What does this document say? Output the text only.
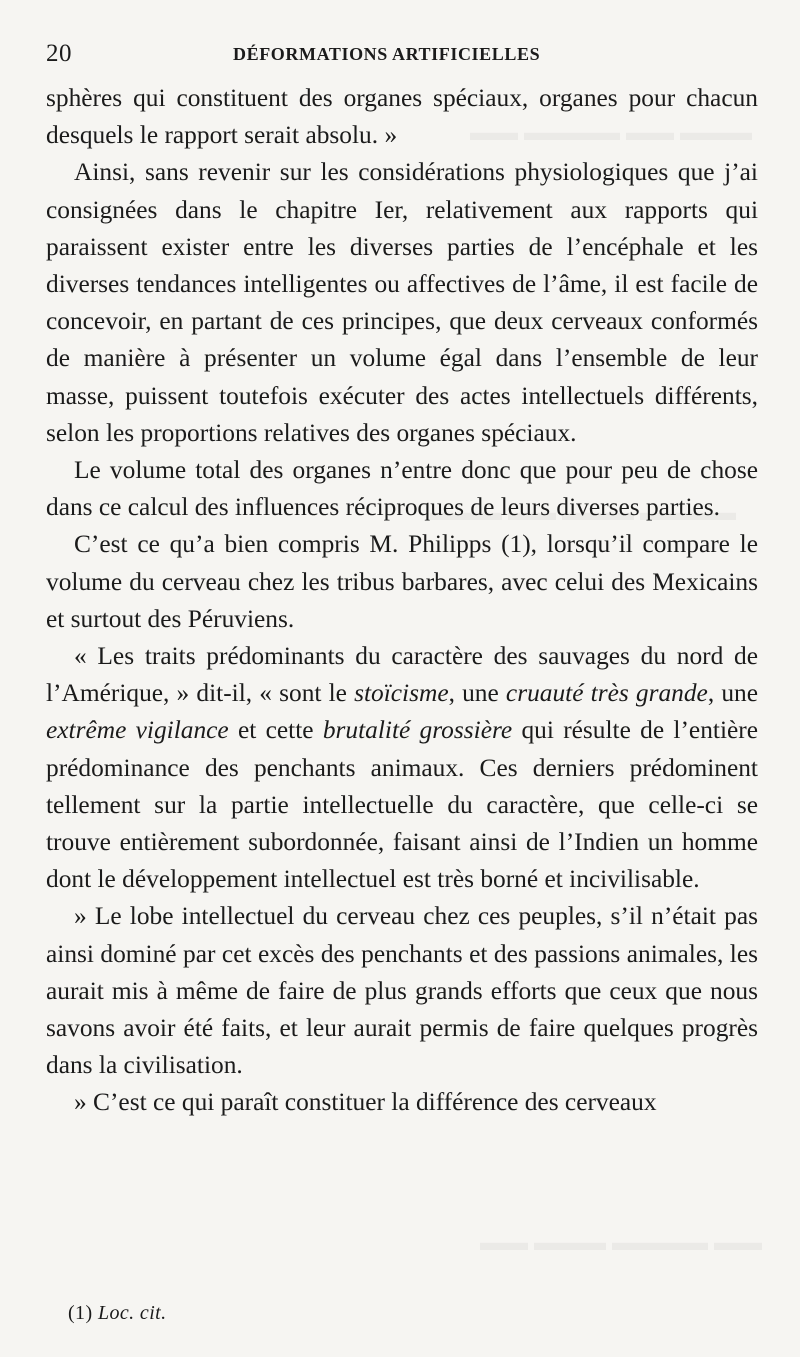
20	DÉFORMATIONS ARTIFICIELLES

sphères qui constituent des organes spéciaux, organes pour chacun desquels le rapport serait absolu. »

Ainsi, sans revenir sur les considérations physiologiques que j’ai consignées dans le chapitre Ier, relativement aux rapports qui paraissent exister entre les diverses parties de l’encéphale et les diverses tendances intelligentes ou affectives de l’âme, il est facile de concevoir, en partant de ces principes, que deux cerveaux conformés de manière à présenter un volume égal dans l’ensemble de leur masse, puissent toutefois exécuter des actes intellectuels différents, selon les proportions relatives des organes spéciaux.

Le volume total des organes n’entre donc que pour peu de chose dans ce calcul des influences réciproques de leurs diverses parties.

C’est ce qu’a bien compris M. Philipps (1), lorsqu’il compare le volume du cerveau chez les tribus barbares, avec celui des Mexicains et surtout des Péruviens.

« Les traits prédominants du caractère des sauvages du nord de l’Amérique, » dit-il, « sont le stoïcisme, une cruauté très grande, une extrême vigilance et cette brutalité grossière qui résulte de l’entière prédominance des penchants animaux. Ces derniers prédominent tellement sur la partie intellectuelle du caractère, que celle-ci se trouve entièrement subordonnée, faisant ainsi de l’Indien un homme dont le développement intellectuel est très borné et incivilisable.

» Le lobe intellectuel du cerveau chez ces peuples, s’il n’était pas ainsi dominé par cet excès des penchants et des passions animales, les aurait mis à même de faire de plus grands efforts que ceux que nous savons avoir été faits, et leur aurait permis de faire quelques progrès dans la civilisation.

» C’est ce qui paraît constituer la différence des cerveaux

(1) Loc. cit.
